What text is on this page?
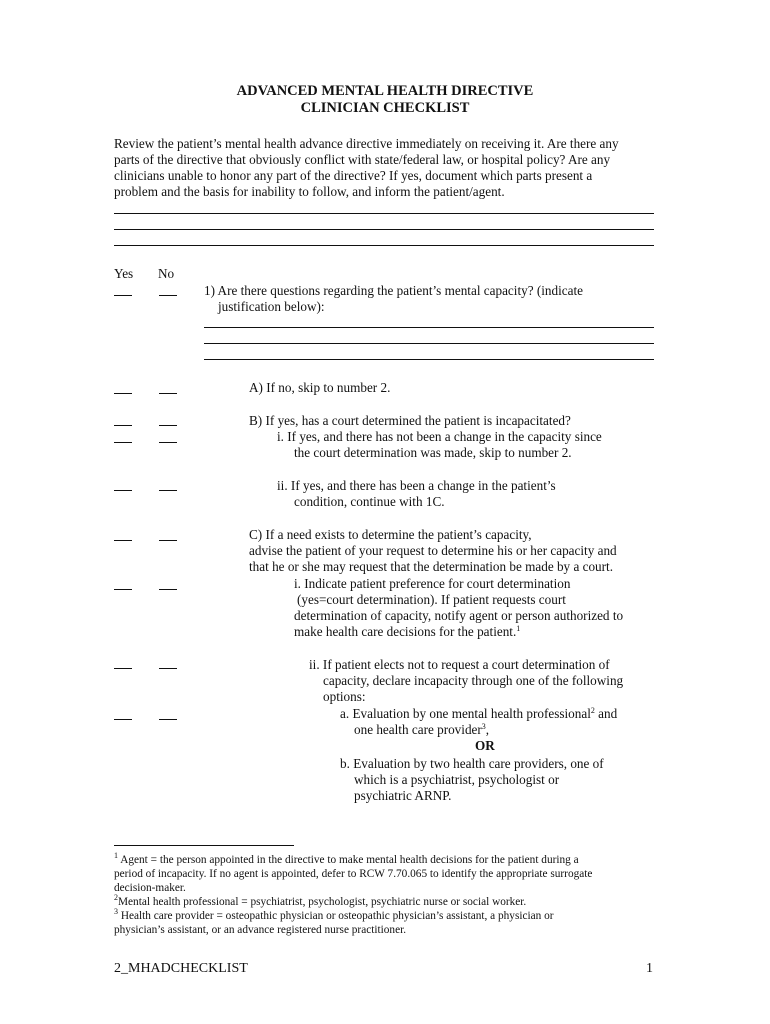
ADVANCED MENTAL HEALTH DIRECTIVE
CLINICIAN CHECKLIST
Review the patient’s mental health advance directive immediately on receiving it. Are there any
parts of the directive that obviously conflict with state/federal law, or hospital policy? Are any
clinicians unable to honor any part of the directive? If yes, document which parts present a
problem and the basis for inability to follow, and inform the patient/agent.
Yes No
1) Are there questions regarding the patient’s mental capacity? (indicate
justification below):
A) If no, skip to number 2.
B) If yes, has a court determined the patient is incapacitated?
i. If yes, and there has not been a change in the capacity since
the court determination was made, skip to number 2.
ii. If yes, and there has been a change in the patient’s
condition, continue with 1C.
C) If a need exists to determine the patient’s capacity,
advise the patient of your request to determine his or her capacity and
that he or she may request that the determination be made by a court.
i. Indicate patient preference for court determination
(yes=court determination). If patient requests court
determination of capacity, notify agent or person authorized to
make health care decisions for the patient.$^1$
ii. If patient elects not to request a court determination of
capacity, declare incapacity through one of the following
options:
a. Evaluation by one mental health professional$^2$ and
one health care provider$^3$,
OR
b. Evaluation by two health care providers, one of
which is a psychiatrist, psychologist or
psychiatric ARNP.
$^1$ Agent = the person appointed in the directive to make mental health decisions for the patient during a
period of incapacity. If no agent is appointed, defer to RCW 7.70.065 to identify the appropriate surrogate
decision-maker.
$^2$Mental health professional = psychiatrist, psychologist, psychiatric nurse or social worker.
$^3$ Health care provider = osteopathic physician or osteopathic physician’s assistant, a physician or
physician’s assistant, or an advance registered nurse practitioner.
2_MHADCHECKLIST	1
